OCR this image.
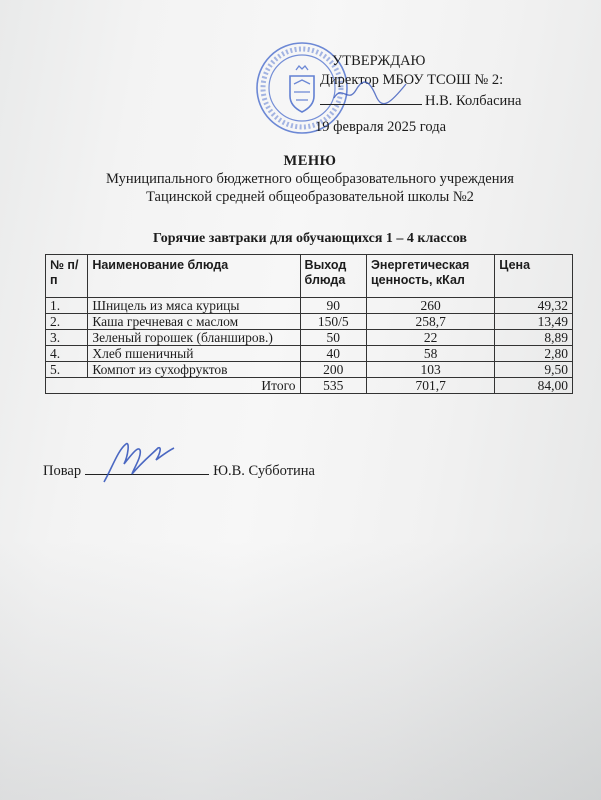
УТВЕРЖДАЮ
Директор МБОУ ТСОШ № 2:
Н.В. Колбасина
19 февраля 2025 года
МЕНЮ
Муниципального бюджетного общеобразовательного учреждения
Тацинской средней общеобразовательной школы №2
Горячие завтраки для обучающихся 1 – 4 классов
№ п/п	Наименование блюда	Выход блюда	Энергетическая ценность, кКал	Цена
1.	Шницель из мяса курицы	90	260	49,32
2.	Каша гречневая с маслом	150/5	258,7	13,49
3.	Зеленый горошек (бланширов.)	50	22	8,89
4.	Хлеб пшеничный	40	58	2,80
5.	Компот из сухофруктов	200	103	9,50
Итого		535	701,7	84,00
Повар	Ю.В. Субботина
